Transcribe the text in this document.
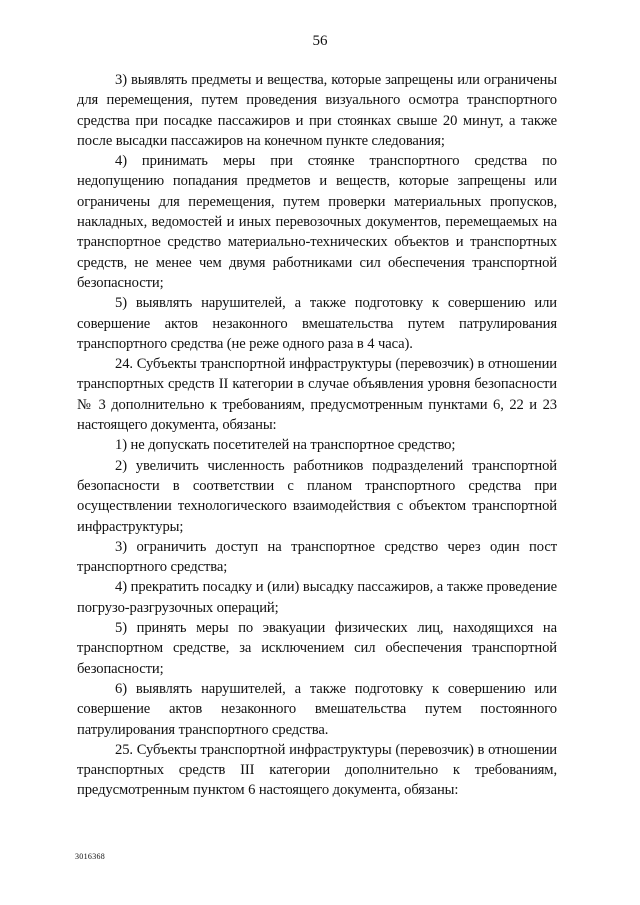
56

3) выявлять предметы и вещества, которые запрещены или ограничены для перемещения, путем проведения визуального осмотра транспортного средства при посадке пассажиров и при стоянках свыше 20 минут, а также после высадки пассажиров на конечном пункте следования;

4) принимать меры при стоянке транспортного средства по недопущению попадания предметов и веществ, которые запрещены или ограничены для перемещения, путем проверки материальных пропусков, накладных, ведомостей и иных перевозочных документов, перемещаемых на транспортное средство материально-технических объектов и транспортных средств, не менее чем двумя работниками сил обеспечения транспортной безопасности;

5) выявлять нарушителей, а также подготовку к совершению или совершение актов незаконного вмешательства путем патрулирования транспортного средства (не реже одного раза в 4 часа).

24. Субъекты транспортной инфраструктуры (перевозчик) в отношении транспортных средств II категории в случае объявления уровня безопасности № 3 дополнительно к требованиям, предусмотренным пунктами 6, 22 и 23 настоящего документа, обязаны:

1) не допускать посетителей на транспортное средство;

2) увеличить численность работников подразделений транспортной безопасности в соответствии с планом транспортного средства при осуществлении технологического взаимодействия с объектом транспортной инфраструктуры;

3) ограничить доступ на транспортное средство через один пост транспортного средства;

4) прекратить посадку и (или) высадку пассажиров, а также проведение погрузо-разгрузочных операций;

5) принять меры по эвакуации физических лиц, находящихся на транспортном средстве, за исключением сил обеспечения транспортной безопасности;

6) выявлять нарушителей, а также подготовку к совершению или совершение актов незаконного вмешательства путем постоянного патрулирования транспортного средства.

25. Субъекты транспортной инфраструктуры (перевозчик) в отношении транспортных средств III категории дополнительно к требованиям, предусмотренным пунктом 6 настоящего документа, обязаны:

3016368
